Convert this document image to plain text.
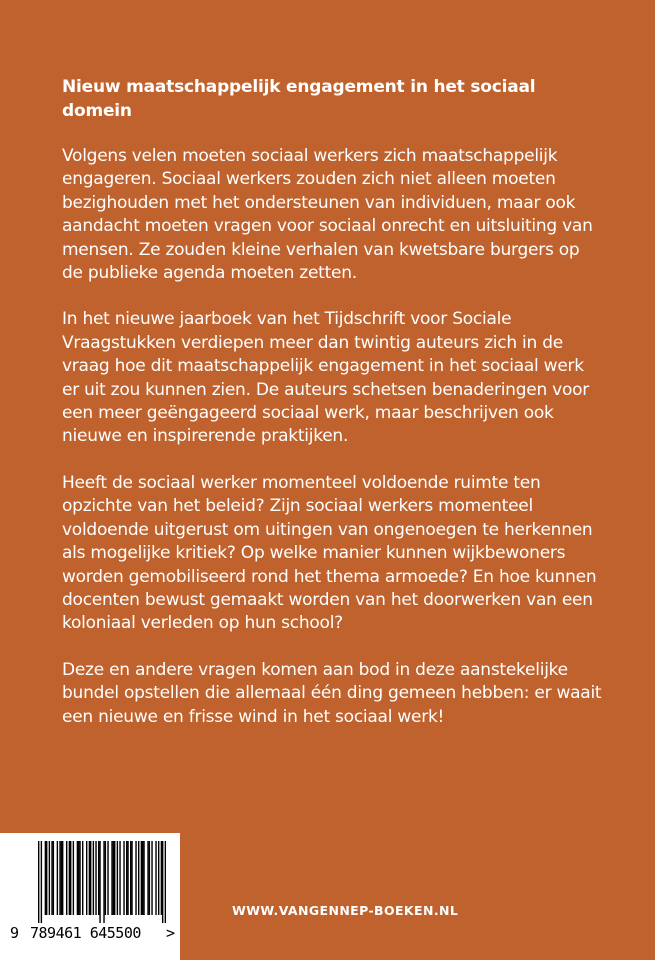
Nieuw maatschappelijk engagement in het sociaal domein
Volgens velen moeten sociaal werkers zich maatschappelijk engageren. Sociaal werkers zouden zich niet alleen moeten bezighouden met het ondersteunen van individuen, maar ook aandacht moeten vragen voor sociaal onrecht en uitsluiting van mensen. Ze zouden kleine verhalen van kwetsbare burgers op de publieke agenda moeten zetten.
In het nieuwe jaarboek van het Tijdschrift voor Sociale Vraagstukken verdiepen meer dan twintig auteurs zich in de vraag hoe dit maatschappelijk engagement in het sociaal werk er uit zou kunnen zien. De auteurs schetsen benaderingen voor een meer geëngageerd sociaal werk, maar beschrijven ook nieuwe en inspirerende praktijken.
Heeft de sociaal werker momenteel voldoende ruimte ten opzichte van het beleid? Zijn sociaal werkers momenteel voldoende uitgerust om uitingen van ongenoegen te herkennen als mogelijke kritiek? Op welke manier kunnen wijkbewoners worden gemobiliseerd rond het thema armoede? En hoe kunnen docenten bewust gemaakt worden van het doorwerken van een koloniaal verleden op hun school?
Deze en andere vragen komen aan bod in deze aanstekelijke bundel opstellen die allemaal één ding gemeen hebben: er waait een nieuwe en frisse wind in het sociaal werk!
9 789461 645500 >
WWW.VANGENNEP-BOEKEN.NL
